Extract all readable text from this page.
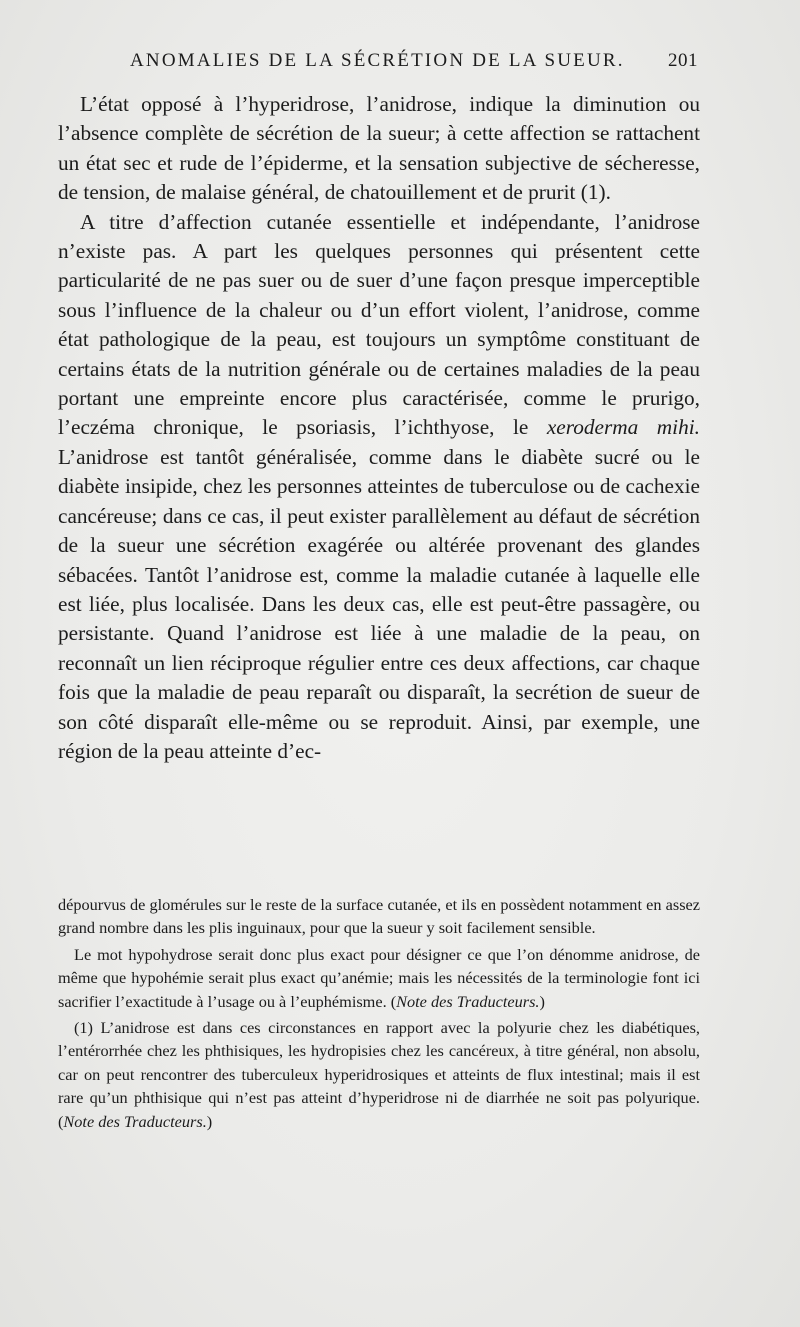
ANOMALIES DE LA SÉCRÉTION DE LA SUEUR. 201

L’état opposé à l’hyperidrose, l’anidrose, indique la diminution ou l’absence complète de sécrétion de la sueur; à cette affection se rattachent un état sec et rude de l’épiderme, et la sensation subjective de sécheresse, de tension, de malaise général, de chatouillement et de prurit (1).

A titre d’affection cutanée essentielle et indépendante, l’anidrose n’existe pas. A part les quelques personnes qui présentent cette particularité de ne pas suer ou de suer d’une façon presque imperceptible sous l’influence de la chaleur ou d’un effort violent, l’anidrose, comme état pathologique de la peau, est toujours un symptôme constituant de certains états de la nutrition générale ou de certaines maladies de la peau portant une empreinte encore plus caractérisée, comme le prurigo, l’eczéma chronique, le psoriasis, l’ichthyose, le xeroderma mihi. L’anidrose est tantôt généralisée, comme dans le diabète sucré ou le diabète insipide, chez les personnes atteintes de tuberculose ou de cachexie cancéreuse; dans ce cas, il peut exister parallèlement au défaut de sécrétion de la sueur une sécrétion exagérée ou altérée provenant des glandes sébacées. Tantôt l’anidrose est, comme la maladie cutanée à laquelle elle est liée, plus localisée. Dans les deux cas, elle est peut-être passagère, ou persistante. Quand l’anidrose est liée à une maladie de la peau, on reconnaît un lien réciproque régulier entre ces deux affections, car chaque fois que la maladie de peau reparaît ou disparaît, la secrétion de sueur de son côté disparaît elle-même ou se reproduit. Ainsi, par exemple, une région de la peau atteinte d’ec-

dépourvus de glomérules sur le reste de la surface cutanée, et ils en possèdent notamment en assez grand nombre dans les plis inguinaux, pour que la sueur y soit facilement sensible.

Le mot hypohydrose serait donc plus exact pour désigner ce que l’on dénomme anidrose, de même que hypohémie serait plus exact qu’anémie; mais les nécessités de la terminologie font ici sacrifier l’exactitude à l’usage ou à l’euphémisme. (Note des Traducteurs.)

(1) L’anidrose est dans ces circonstances en rapport avec la polyurie chez les diabétiques, l’entérorrhée chez les phthisiques, les hydropisies chez les cancéreux, à titre général, non absolu, car on peut rencontrer des tuberculeux hyperidrosiques et atteints de flux intestinal; mais il est rare qu’un phthisique qui n’est pas atteint d’hyperidrose ni de diarrhée ne soit pas polyurique. (Note des Traducteurs.)
